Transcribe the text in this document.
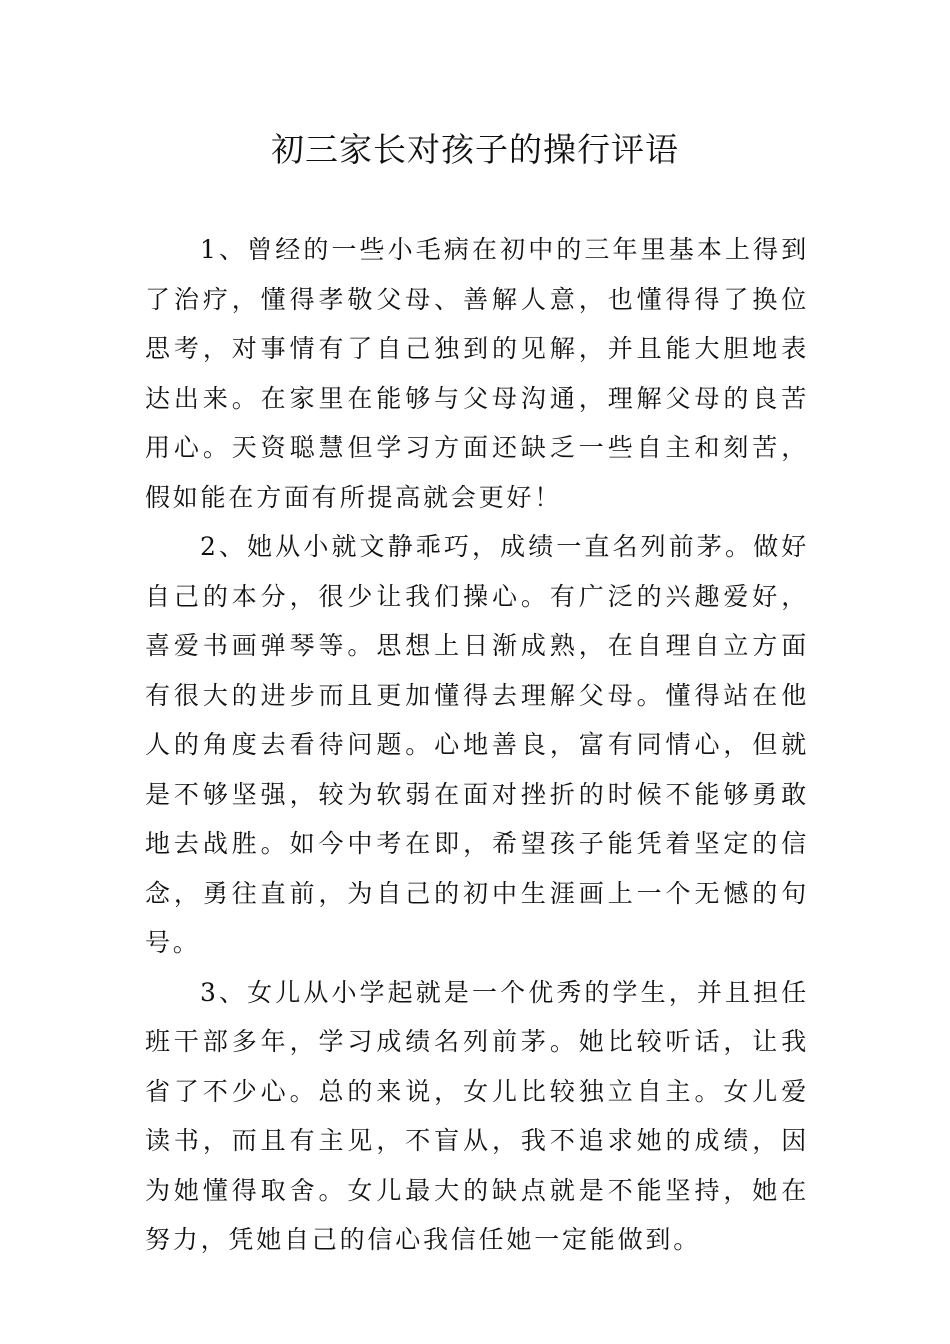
初三家长对孩子的操行评语

1、曾经的一些小毛病在初中的三年里基本上得到了治疗，懂得孝敬父母、善解人意，也懂得得了换位思考，对事情有了自己独到的见解，并且能大胆地表达出来。在家里在能够与父母沟通，理解父母的良苦用心。天资聪慧但学习方面还缺乏一些自主和刻苦，假如能在方面有所提高就会更好！

2、她从小就文静乖巧，成绩一直名列前茅。做好自己的本分，很少让我们操心。有广泛的兴趣爱好，喜爱书画弹琴等。思想上日渐成熟，在自理自立方面有很大的进步而且更加懂得去理解父母。懂得站在他人的角度去看待问题。心地善良，富有同情心，但就是不够坚强，较为软弱在面对挫折的时候不能够勇敢地去战胜。如今中考在即，希望孩子能凭着坚定的信念，勇往直前，为自己的初中生涯画上一个无憾的句号。

3、女儿从小学起就是一个优秀的学生，并且担任班干部多年，学习成绩名列前茅。她比较听话，让我省了不少心。总的来说，女儿比较独立自主。女儿爱读书，而且有主见，不盲从，我不追求她的成绩，因为她懂得取舍。女儿最大的缺点就是不能坚持，她在努力，凭她自己的信心我信任她一定能做到。
